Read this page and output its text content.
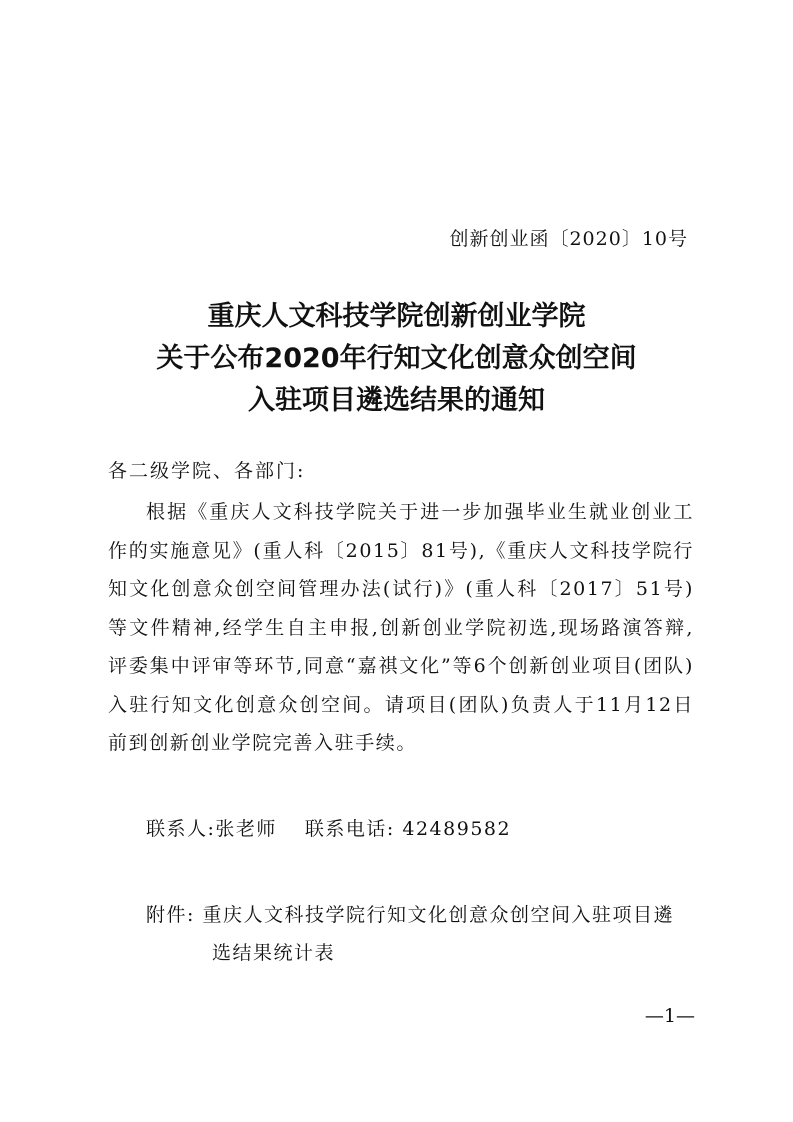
创新创业函〔2020〕10号
重庆人文科技学院创新创业学院
关于公布2020年行知文化创意众创空间
入驻项目遴选结果的通知
各二级学院、各部门:
根据《重庆人文科技学院关于进一步加强毕业生就业创业工作的实施意见》(重人科〔2015〕81号),《重庆人文科技学院行知文化创意众创空间管理办法(试行)》(重人科〔2017〕51号)等文件精神,经学生自主申报,创新创业学院初选,现场路演答辩,评委集中评审等环节,同意“嘉祺文化”等6个创新创业项目(团队)入驻行知文化创意众创空间。请项目(团队)负责人于11月12日前到创新创业学院完善入驻手续。
联系人:张老师 联系电话: 42489582
附件: 重庆人文科技学院行知文化创意众创空间入驻项目遴
选结果统计表
—1—
